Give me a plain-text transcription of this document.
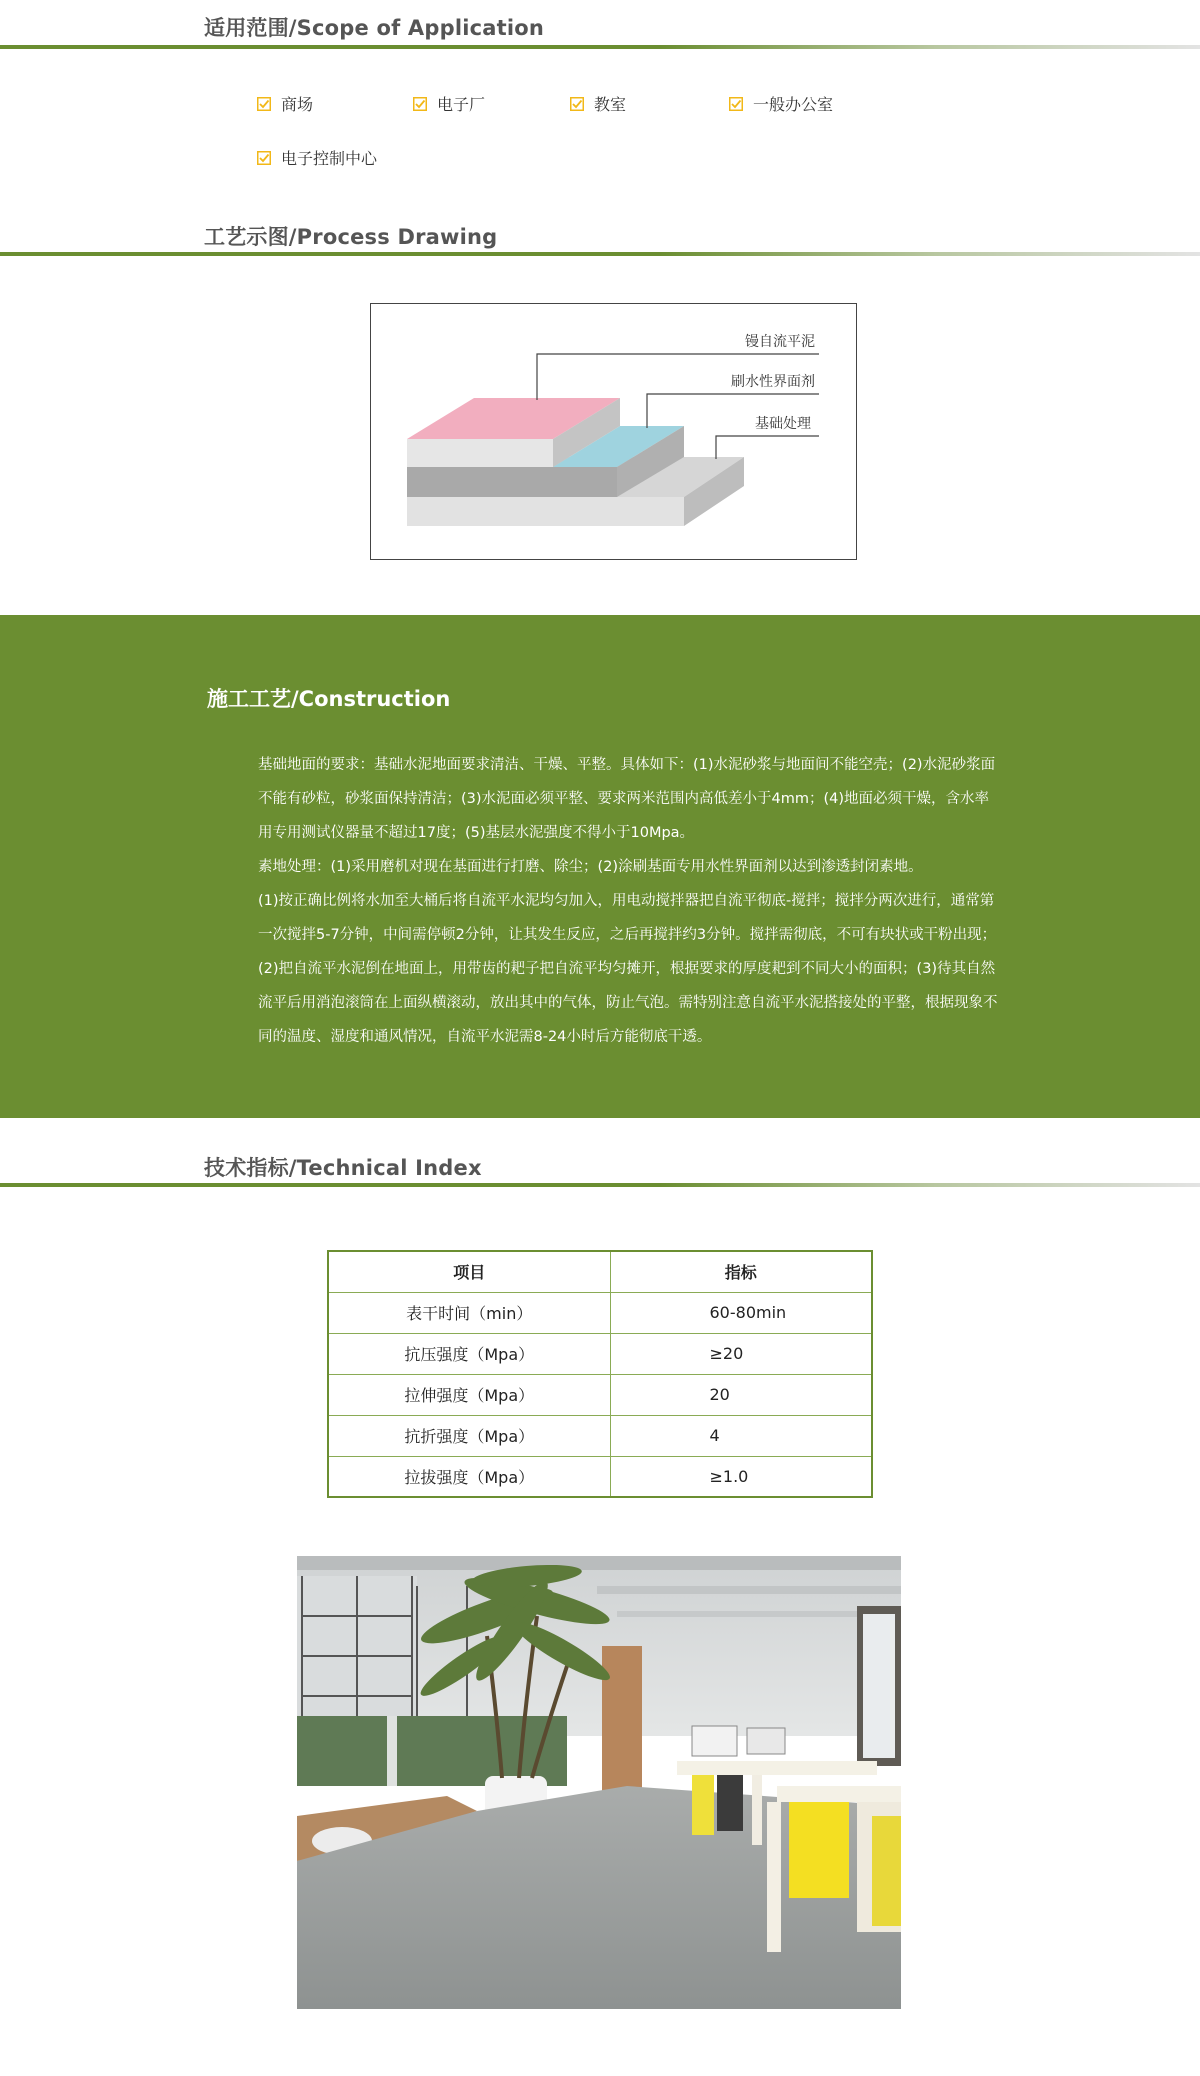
适用范围/Scope of Application
商场	电子厂	教室	一般办公室
电子控制中心
工艺示图/Process Drawing
镘自流平泥
刷水性界面剂
基础处理
施工工艺/Construction

基础地面的要求：基础水泥地面要求清洁、干燥、平整。具体如下：(1)水泥砂浆与地面间不能空壳；(2)水泥砂浆面不能有砂粒，砂浆面保持清洁；(3)水泥面必须平整、要求两米范围内高低差小于4mm；(4)地面必须干燥，含水率用专用测试仪器量不超过17度；(5)基层水泥强度不得小于10Mpa。

素地处理：(1)采用磨机对现在基面进行打磨、除尘；(2)涂刷基面专用水性界面剂以达到渗透封闭素地。

(1)按正确比例将水加至大桶后将自流平水泥均匀加入，用电动搅拌器把自流平彻底-搅拌；搅拌分两次进行，通常第一次搅拌5-7分钟，中间需停顿2分钟，让其发生反应，之后再搅拌约3分钟。搅拌需彻底，不可有块状或干粉出现；(2)把自流平水泥倒在地面上，用带齿的耙子把自流平均匀摊开，根据要求的厚度耙到不同大小的面积；(3)待其自然流平后用消泡滚筒在上面纵横滚动，放出其中的气体，防止气泡。需特别注意自流平水泥搭接处的平整，根据现象不同的温度、湿度和通风情况，自流平水泥需8-24小时后方能彻底干透。

技术指标/Technical Index
项目	指标
表干时间（min）	60-80min
抗压强度（Mpa）	≥20
拉伸强度（Mpa）	20
抗折强度（Mpa）	4
拉拔强度（Mpa）	≥1.0
